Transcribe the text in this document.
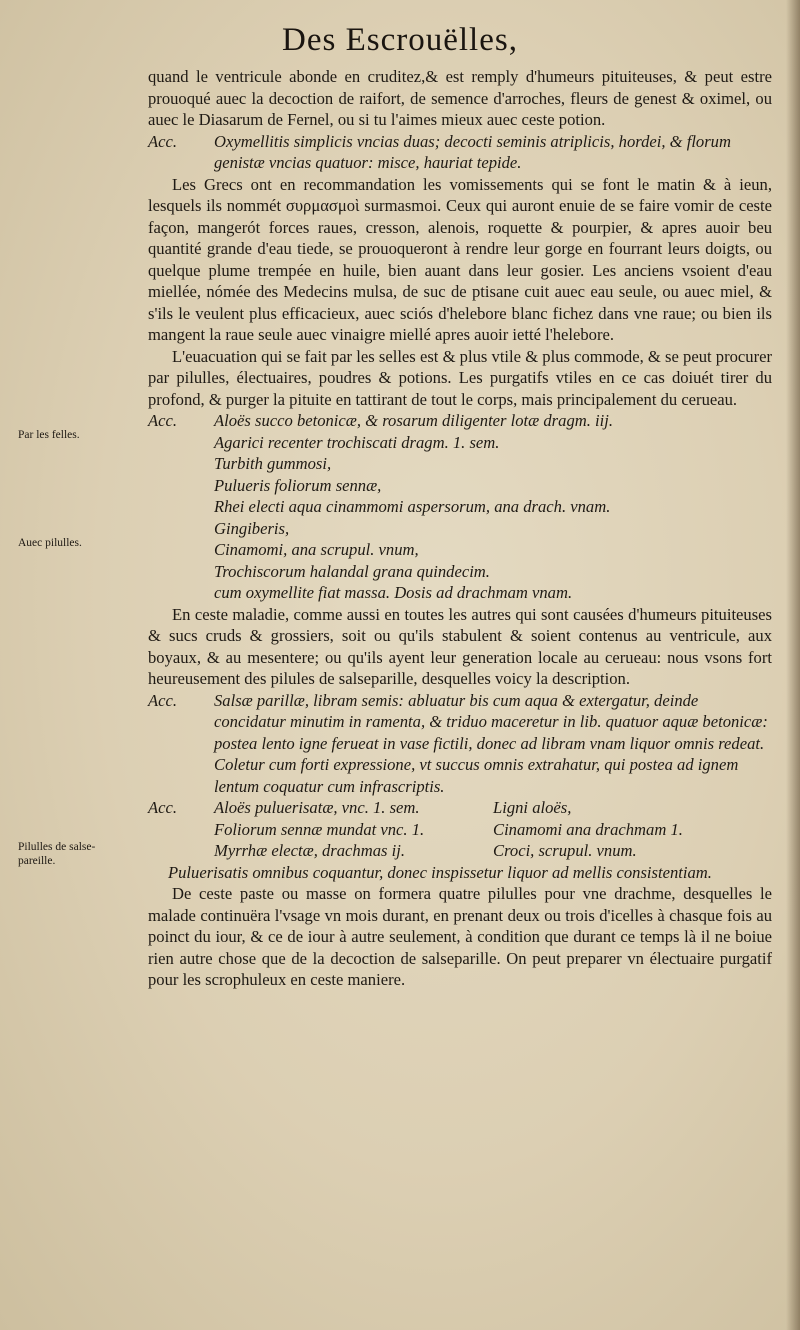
Des Escrouëlles,
Par les felles.
Auec pilulles.
Pilulles de salse-pareille.

quand le ventricule abonde en cruditez,& est remply d'humeurs pituiteuses, & peut estre prouoqué auec la decoction de raifort, de semence d'arroches, fleurs de genest & oximel, ou auec le Diasarum de Fernel, ou si tu l'aimes mieux auec ceste potion.

Acc.	Oxymellitis simplicis vncias duas; decocti seminis atriplicis, hordei, & florum genistæ vncias quatuor: misce, hauriat tepide.

Les Grecs ont en recommandation les vomissements qui se font le matin & à ieun, lesquels ils nommét συρμασμοὶ surmasmoi. Ceux qui auront enuie de se faire vomir de ceste façon, mangerót forces raues, cresson, alenois, roquette & pourpier, & apres auoir beu quantité grande d'eau tiede, se prouoqueront à rendre leur gorge en fourrant leurs doigts, ou quelque plume trempée en huile, bien auant dans leur gosier. Les anciens vsoient d'eau miellée, nómée des Medecins mulsa, de suc de ptisane cuit auec eau seule, ou auec miel, & s'ils le veulent plus efficacieux, auec sciós d'helebore blanc fichez dans vne raue; ou bien ils mangent la raue seule auec vinaigre miellé apres auoir ietté l'helebore.

L'euacuation qui se fait par les selles est & plus vtile & plus commode, & se peut procurer par pilulles, électuaires, poudres & potions. Les purgatifs vtiles en ce cas doiuét tirer du profond, & purger la pituite en tattirant de tout le corps, mais principalement du cerueau.

Acc.	Aloës succo betonicæ, & rosarum diligenter lotæ dragm. iij.
Agarici recenter trochiscati dragm. 1. sem.
Turbith gummosi,
Pulueris foliorum sennæ,
Rhei electi aqua cinammomi aspersorum, ana drach. vnam.
Gingiberis,
Cinamomi, ana scrupul. vnum,
Trochiscorum halandal grana quindecim.
cum oxymellite fiat massa. Dosis ad drachmam vnam.

En ceste maladie, comme aussi en toutes les autres qui sont causées d'humeurs pituiteuses & sucs cruds & grossiers, soit ou qu'ils stabulent & soient contenus au ventricule, aux boyaux, & au mesentere; ou qu'ils ayent leur generation locale au cerueau: nous vsons fort heureusement des pilules de salseparille, desquelles voicy la description.

Acc.	Salsæ parillæ, libram semis: abluatur bis cum aqua & extergatur, deinde concidatur minutim in ramenta, & triduo maceretur in lib. quatuor aquæ betonicæ: postea lento igne ferueat in vase fictili, donec ad libram vnam liquor omnis redeat. Coletur cum forti expressione, vt succus omnis extrahatur, qui postea ad ignem lentum coquatur cum infrascriptis.
Acc.	Aloës puluerisatæ, vnc. 1. sem.	Ligni aloës,
Foliorum sennæ mundat vnc. 1.	Cinamomi ana drachmam 1.
Myrrhæ electæ, drachmas ij.	Croci, scrupul. vnum.
Puluerisatis omnibus coquantur, donec inspissetur liquor ad mellis consistentiam.

De ceste paste ou masse on formera quatre pilulles pour vne drachme, desquelles le malade continuëra l'vsage vn mois durant, en prenant deux ou trois d'icelles à chasque fois au poinct du iour, & ce de iour à autre seulement, à condition que durant ce temps là il ne boiue rien autre chose que de la decoction de salseparille. On peut preparer vn électuaire purgatif pour les scrophuleux en ceste maniere.
